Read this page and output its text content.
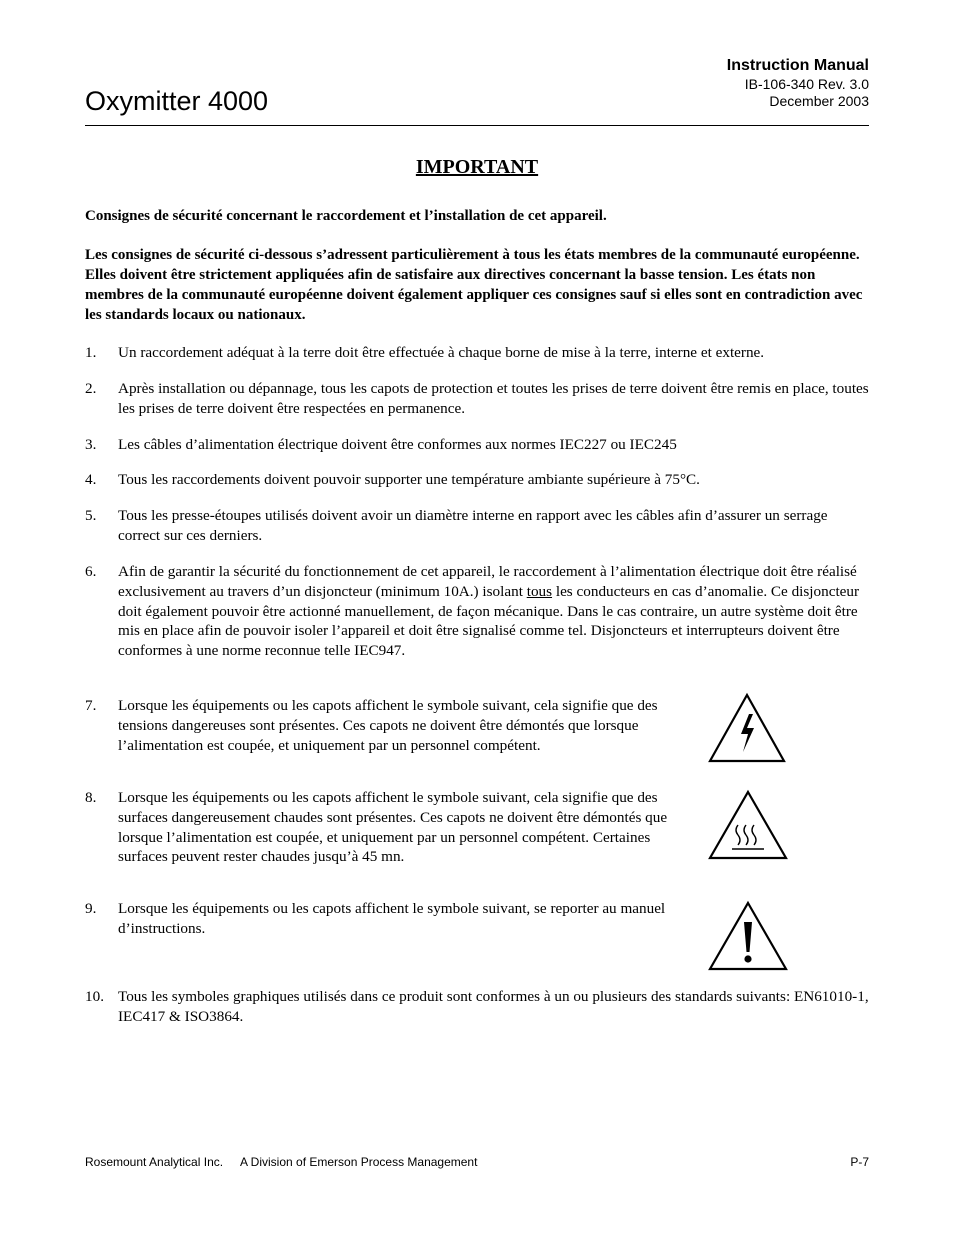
Instruction Manual
IB-106-340 Rev. 3.0
December 2003
Oxymitter 4000
IMPORTANT
Consignes de sécurité concernant le raccordement et l’installation de cet appareil.
Les consignes de sécurité ci-dessous s’adressent particulièrement à tous les états membres de la communauté européenne. Elles doivent être strictement appliquées afin de satisfaire aux directives concernant la basse tension. Les états non membres de la communauté européenne doivent également appliquer ces consignes sauf si elles sont en contradiction avec les standards locaux ou nationaux.
1. Un raccordement adéquat à la terre doit être effectuée à chaque borne de mise à la terre, interne et externe.
2. Après installation ou dépannage, tous les capots de protection et toutes les prises de terre doivent être remis en place, toutes les prises de terre doivent être respectées en permanence.
3. Les câbles d’alimentation électrique doivent être conformes aux normes IEC227 ou IEC245
4. Tous les raccordements doivent pouvoir supporter une température ambiante supérieure à 75°C.
5. Tous les presse-étoupes utilisés doivent avoir un diamètre interne en rapport avec les câbles afin d’assurer un serrage correct sur ces derniers.
6. Afin de garantir la sécurité du fonctionnement de cet appareil, le raccordement à l’alimentation électrique doit être réalisé exclusivement au travers d’un disjoncteur (minimum 10A.) isolant tous les conducteurs en cas d’anomalie. Ce disjoncteur doit également pouvoir être actionné manuellement, de façon mécanique. Dans le cas contraire, un autre système doit être mis en place afin de pouvoir isoler l’appareil et doit être signalisé comme tel. Disjoncteurs et interrupteurs doivent être conformes à une norme reconnue telle IEC947.
7. Lorsque les équipements ou les capots affichent le symbole suivant, cela signifie que des tensions dangereuses sont présentes. Ces capots ne doivent être démontés que lorsque l’alimentation est coupée, et uniquement par un personnel compétent.
8. Lorsque les équipements ou les capots affichent le symbole suivant, cela signifie que des surfaces dangereusement chaudes sont présentes. Ces capots ne doivent être démontés que lorsque l’alimentation est coupée, et uniquement par un personnel compétent. Certaines surfaces peuvent rester chaudes jusqu’à 45 mn.
9. Lorsque les équipements ou les capots affichent le symbole suivant, se reporter au manuel d’instructions.
10. Tous les symboles graphiques utilisés dans ce produit sont conformes à un ou plusieurs des standards suivants: EN61010-1, IEC417 & ISO3864.
Rosemount Analytical Inc. A Division of Emerson Process Management	P-7
